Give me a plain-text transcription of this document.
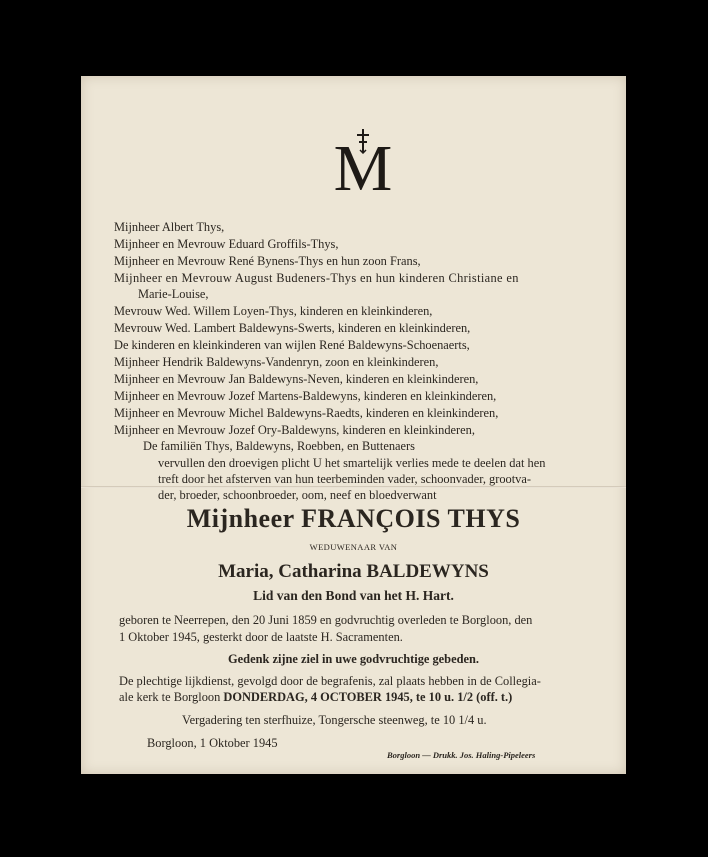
M
Mijnheer Albert Thys,
Mijnheer en Mevrouw Eduard Groffils-Thys,
Mijnheer en Mevrouw René Bynens-Thys en hun zoon Frans,
Mijnheer en Mevrouw August Budeners-Thys en hun kinderen Christiane en
Marie-Louise,
Mevrouw Wed. Willem Loyen-Thys, kinderen en kleinkinderen,
Mevrouw Wed. Lambert Baldewyns-Swerts, kinderen en kleinkinderen,
De kinderen en kleinkinderen van wijlen René Baldewyns-Schoenaerts,
Mijnheer Hendrik Baldewyns-Vandenryn, zoon en kleinkinderen,
Mijnheer en Mevrouw Jan Baldewyns-Neven, kinderen en kleinkinderen,
Mijnheer en Mevrouw Jozef Martens-Baldewyns, kinderen en kleinkinderen,
Mijnheer en Mevrouw Michel Baldewyns-Raedts, kinderen en kleinkinderen,
Mijnheer en Mevrouw Jozef Ory-Baldewyns, kinderen en kleinkinderen,
De familiën Thys, Baldewyns, Roebben, en Buttenaers
vervullen den droevigen plicht U het smartelijk verlies mede te deelen dat hen
treft door het afsterven van hun teerbeminden vader, schoonvader, grootva-
der, broeder, schoonbroeder, oom, neef en bloedverwant
Mijnheer FRANÇOIS THYS
WEDUWENAAR VAN
Maria, Catharina BALDEWYNS
Lid van den Bond van het H. Hart.
geboren te Neerrepen, den 20 Juni 1859 en godvruchtig overleden te Borgloon, den
1 Oktober 1945, gesterkt door de laatste H. Sacramenten.
Gedenk zijne ziel in uwe godvruchtige gebeden.
De plechtige lijkdienst, gevolgd door de begrafenis, zal plaats hebben in de Collegia-
ale kerk te Borgloon DONDERDAG, 4 OCTOBER 1945, te 10 u. 1/2 (off. t.)
Vergadering ten sterfhuize, Tongersche steenweg, te 10 1/4 u.
Borgloon, 1 Oktober 1945
Borgloon — Drukk. Jos. Haling-Pipeleers
